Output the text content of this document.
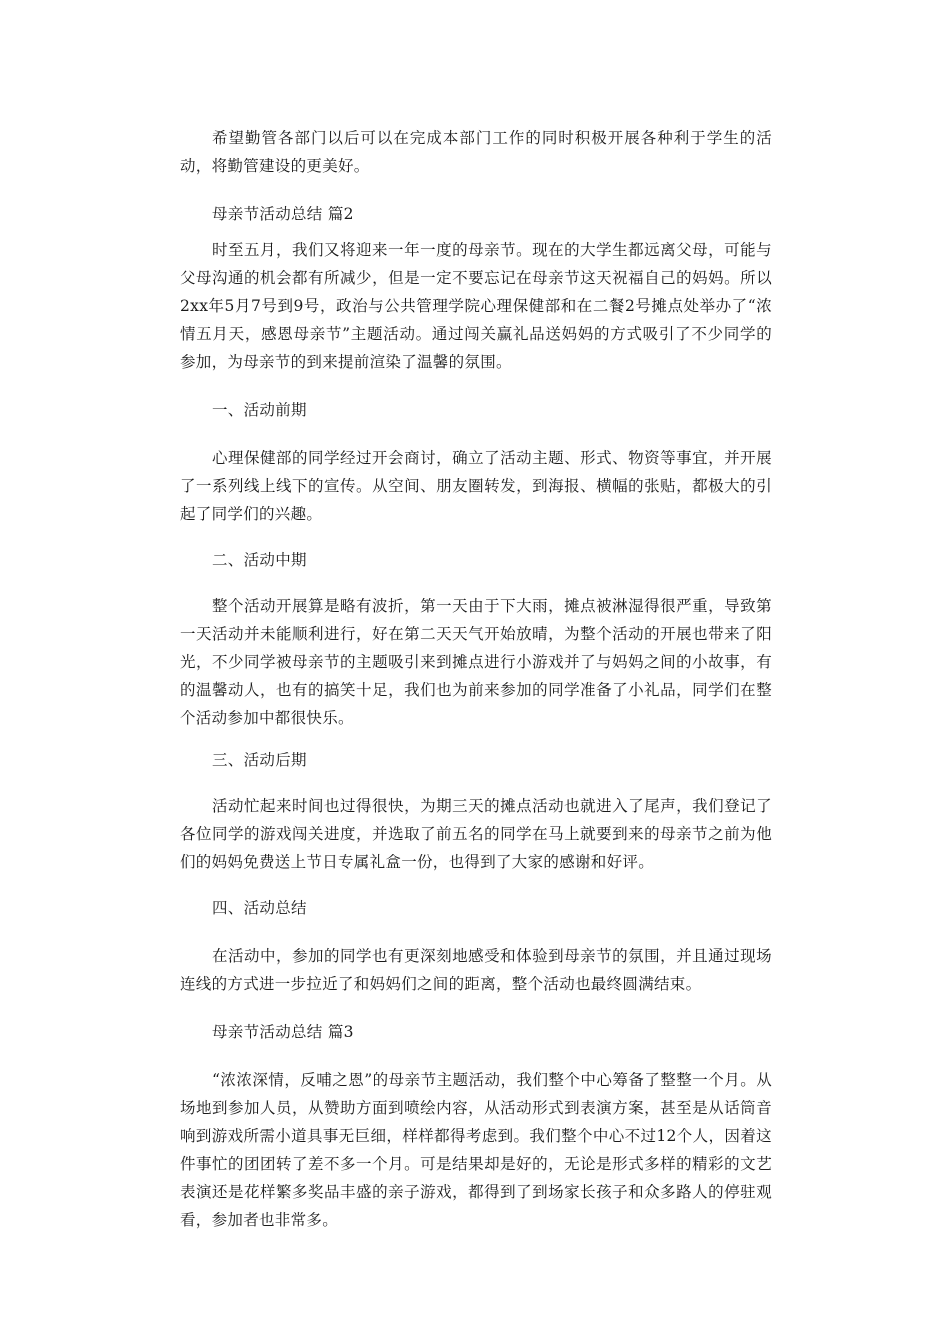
希望勤管各部门以后可以在完成本部门工作的同时积极开展各种利于学生的活动，将勤管建设的更美好。

母亲节活动总结 篇2

时至五月，我们又将迎来一年一度的母亲节。现在的大学生都远离父母，可能与父母沟通的机会都有所减少，但是一定不要忘记在母亲节这天祝福自己的妈妈。所以2xx年5月7号到9号，政治与公共管理学院心理保健部和在二餐2号摊点处举办了“浓情五月天，感恩母亲节”主题活动。通过闯关赢礼品送妈妈的方式吸引了不少同学的参加，为母亲节的到来提前渲染了温馨的氛围。

一、活动前期

心理保健部的同学经过开会商讨，确立了活动主题、形式、物资等事宜，并开展了一系列线上线下的宣传。从空间、朋友圈转发，到海报、横幅的张贴，都极大的引起了同学们的兴趣。

二、活动中期

整个活动开展算是略有波折，第一天由于下大雨，摊点被淋湿得很严重，导致第一天活动并未能顺利进行，好在第二天天气开始放晴，为整个活动的开展也带来了阳光，不少同学被母亲节的主题吸引来到摊点进行小游戏并了与妈妈之间的小故事，有的温馨动人，也有的搞笑十足，我们也为前来参加的同学准备了小礼品，同学们在整个活动参加中都很快乐。

三、活动后期

活动忙起来时间也过得很快，为期三天的摊点活动也就进入了尾声，我们登记了各位同学的游戏闯关进度，并选取了前五名的同学在马上就要到来的母亲节之前为他们的妈妈免费送上节日专属礼盒一份，也得到了大家的感谢和好评。

四、活动总结

在活动中，参加的同学也有更深刻地感受和体验到母亲节的氛围，并且通过现场连线的方式进一步拉近了和妈妈们之间的距离，整个活动也最终圆满结束。

母亲节活动总结 篇3

“浓浓深情，反哺之恩”的母亲节主题活动，我们整个中心筹备了整整一个月。从场地到参加人员，从赞助方面到喷绘内容，从活动形式到表演方案，甚至是从话筒音响到游戏所需小道具事无巨细，样样都得考虑到。我们整个中心不过12个人，因着这件事忙的团团转了差不多一个月。可是结果却是好的，无论是形式多样的精彩的文艺表演还是花样繁多奖品丰盛的亲子游戏，都得到了到场家长孩子和众多路人的停驻观看，参加者也非常多。
